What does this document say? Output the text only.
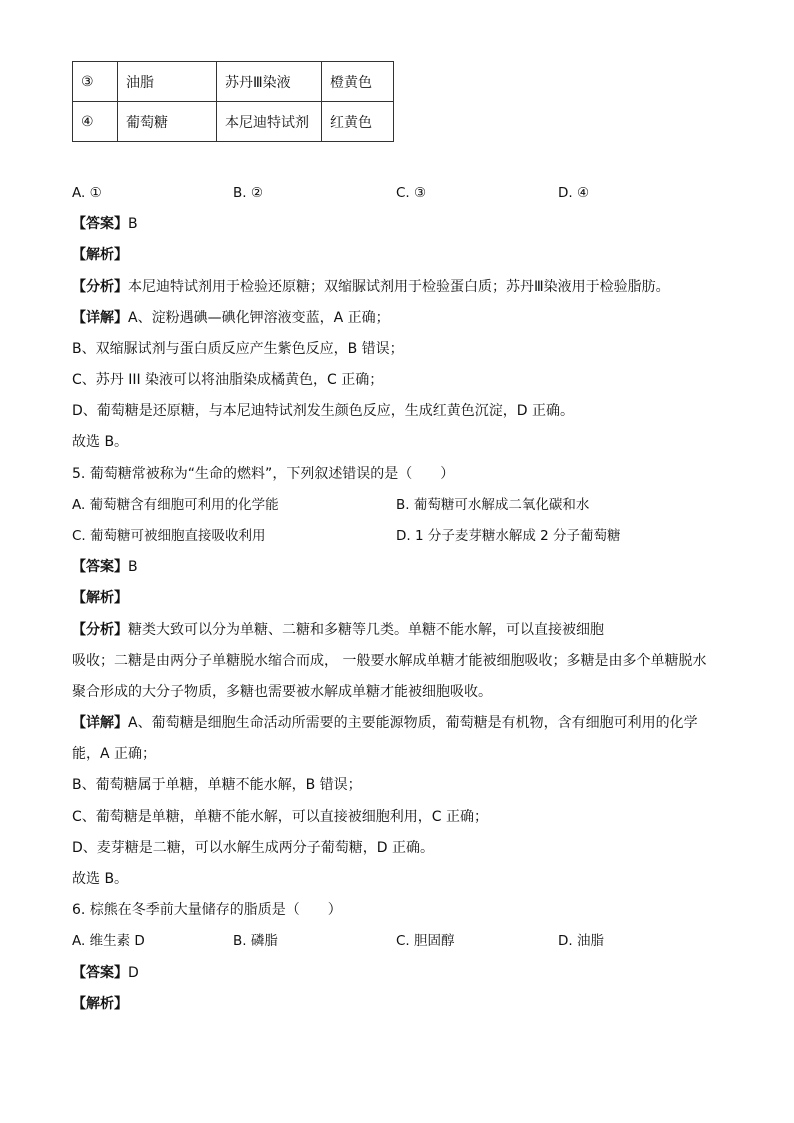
③	油脂	苏丹Ⅲ染液	橙黄色
④	葡萄糖	本尼迪特试剂	红黄色
A. ①	B. ②	C. ③	D. ④
【答案】B
【解析】
【分析】本尼迪特试剂用于检验还原糖；双缩脲试剂用于检验蛋白质；苏丹Ⅲ染液用于检验脂肪。
【详解】A、淀粉遇碘—碘化钾溶液变蓝，A 正确；
B、双缩脲试剂与蛋白质反应产生紫色反应，B 错误；
C、苏丹 III 染液可以将油脂染成橘黄色，C 正确；
D、葡萄糖是还原糖，与本尼迪特试剂发生颜色反应，生成红黄色沉淀，D 正确。
故选 B。
5. 葡萄糖常被称为“生命的燃料”，下列叙述错误的是（　　）
A. 葡萄糖含有细胞可利用的化学能	B. 葡萄糖可水解成二氧化碳和水
C. 葡萄糖可被细胞直接吸收利用	D. 1 分子麦芽糖水解成 2 分子葡萄糖
【答案】B
【解析】
【分析】糖类大致可以分为单糖、二糖和多糖等几类。单糖不能水解，可以直接被细胞
吸收；二糖是由两分子单糖脱水缩合而成， 一般要水解成单糖才能被细胞吸收；多糖是由多个单糖脱水
聚合形成的大分子物质，多糖也需要被水解成单糖才能被细胞吸收。
【详解】A、葡萄糖是细胞生命活动所需要的主要能源物质，葡萄糖是有机物，含有细胞可利用的化学
能，A 正确；
B、葡萄糖属于单糖，单糖不能水解，B 错误；
C、葡萄糖是单糖，单糖不能水解，可以直接被细胞利用，C 正确；
D、麦芽糖是二糖，可以水解生成两分子葡萄糖，D 正确。
故选 B。
6. 棕熊在冬季前大量储存的脂质是（　　）
A. 维生素 D	B. 磷脂	C. 胆固醇	D. 油脂
【答案】D
【解析】
